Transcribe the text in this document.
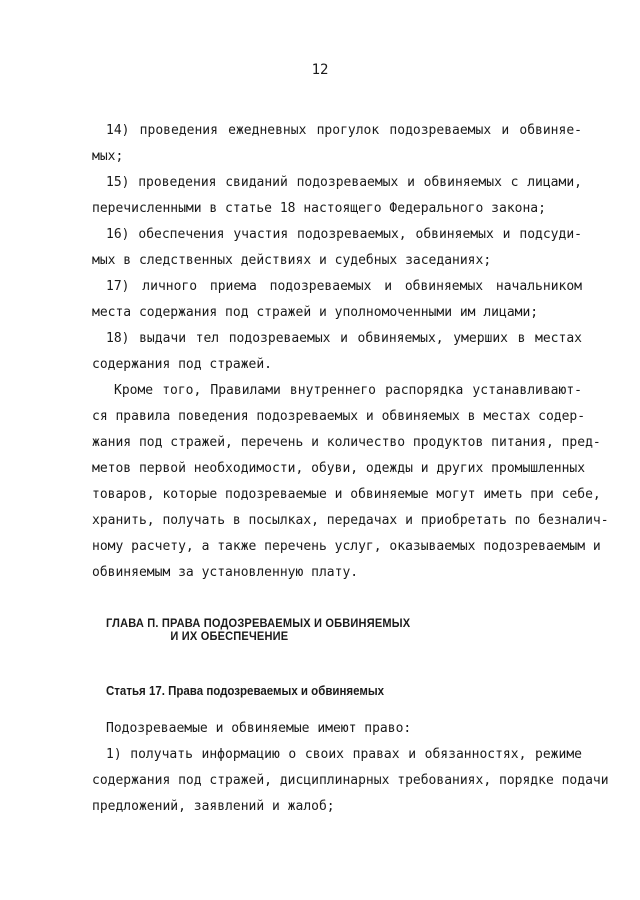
12
14) проведения ежедневных прогулок подозреваемых и обвиняе-
мых;
15) проведения свиданий подозреваемых и обвиняемых с лицами,
перечисленными в статье 18 настоящего Федерального закона;
16) обеспечения участия подозреваемых, обвиняемых и подсуди-
мых в следственных действиях и судебных заседаниях;
17) личного приема подозреваемых и обвиняемых начальником
места содержания под стражей и уполномоченными им лицами;
18) выдачи тел подозреваемых и обвиняемых, умерших в местах
содержания под стражей.
Кроме того, Правилами внутреннего распорядка устанавливают-
ся правила поведения подозреваемых и обвиняемых в местах содер-
жания под стражей, перечень и количество продуктов питания, пред-
метов первой необходимости, обуви, одежды и других промышленных
товаров, которые подозреваемые и обвиняемые могут иметь при себе,
хранить, получать в посылках, передачах и приобретать по безналич-
ному расчету, а также перечень услуг, оказываемых подозреваемым и
обвиняемым за установленную плату.
ГЛАВА П. ПРАВА ПОДОЗРЕВАЕМЫХ И ОБВИНЯЕМЫХ
И ИХ ОБЕСПЕЧЕНИЕ
Статья 17. Права подозреваемых и обвиняемых
Подозреваемые и обвиняемые имеют право:
1) получать информацию о своих правах и обязанностях, режиме
содержания под стражей, дисциплинарных требованиях, порядке подачи
предложений, заявлений и жалоб;
